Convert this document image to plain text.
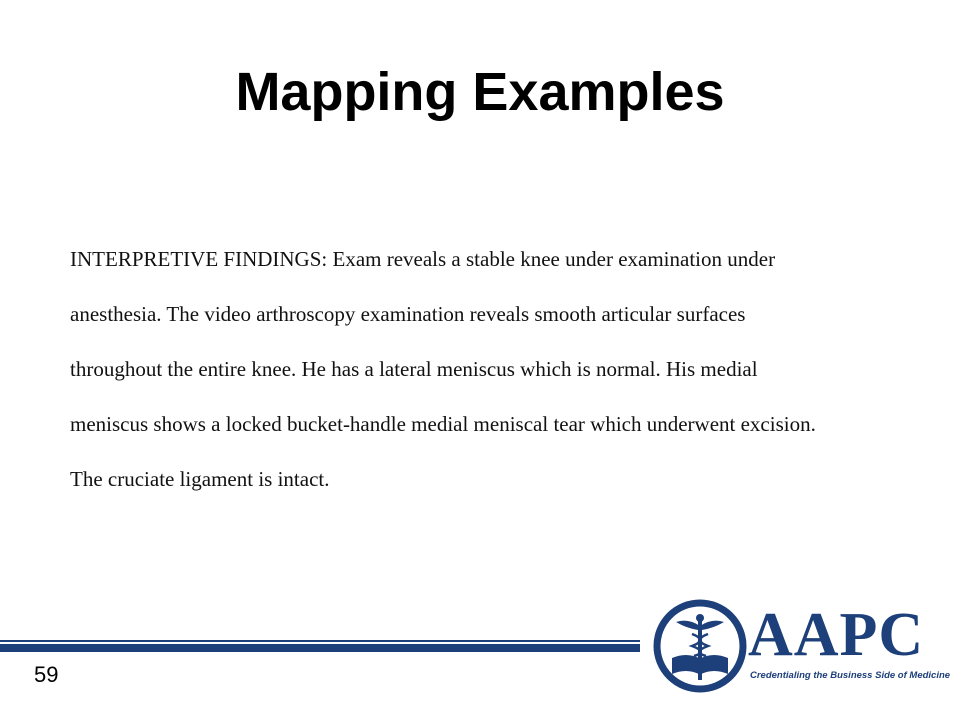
Mapping Examples
INTERPRETIVE FINDINGS: Exam reveals a stable knee under examination under
anesthesia. The video arthroscopy examination reveals smooth articular surfaces
throughout the entire knee. He has a lateral meniscus which is normal. His medial
meniscus shows a locked bucket-handle medial meniscal tear which underwent excision.
The cruciate ligament is intact.
59
AAPC
Credentialing the Business Side of Medicine
